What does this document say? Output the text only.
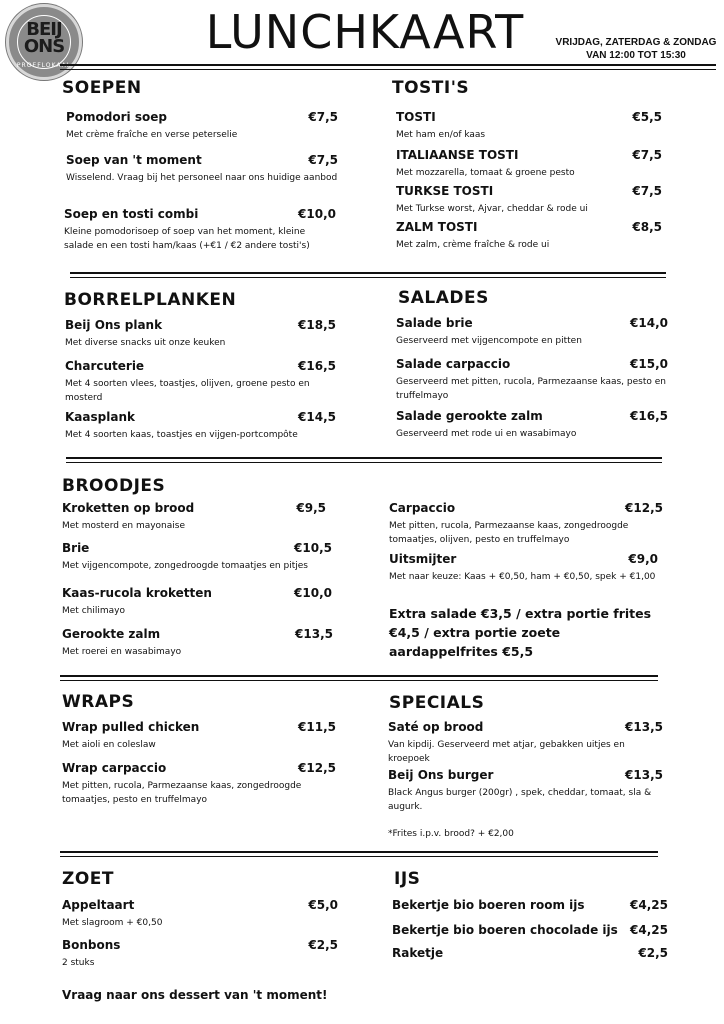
BEIJ
ONS
PROEFLOKAAL
LUNCHKAART	VRIJDAG, ZATERDAG & ZONDAG
VAN 12:00 TOT 15:30
SOEPEN
Pomodori soep	€7,5
Met crème fraîche en verse peterselie
Soep van 't moment	€7,5
Wisselend. Vraag bij het personeel naar ons huidige aanbod
Soep en tosti combi	€10,0
Kleine pomodorisoep of soep van het moment, kleine salade en een tosti ham/kaas (+€1 / €2 andere tosti's)
TOSTI'S
TOSTI	€5,5
Met ham en/of kaas
ITALIAANSE TOSTI	€7,5
Met mozzarella, tomaat & groene pesto
TURKSE TOSTI	€7,5
Met Turkse worst, Ajvar, cheddar & rode ui
ZALM TOSTI	€8,5
Met zalm, crème fraîche & rode ui
BORRELPLANKEN
Beij Ons plank	€18,5
Met diverse snacks uit onze keuken
Charcuterie	€16,5
Met 4 soorten vlees, toastjes, olijven, groene pesto en mosterd
Kaasplank	€14,5
Met 4 soorten kaas, toastjes en vijgen-portcompôte
SALADES
Salade brie	€14,0
Geserveerd met vijgencompote en pitten
Salade carpaccio	€15,0
Geserveerd met pitten, rucola, Parmezaanse kaas, pesto en truffelmayo
Salade gerookte zalm	€16,5
Geserveerd met rode ui en wasabimayo
BROODJES
Kroketten op brood	€9,5
Met mosterd en mayonaise
Brie	€10,5
Met vijgencompote, zongedroogde tomaatjes en pitjes
Kaas-rucola kroketten	€10,0
Met chilimayo
Gerookte zalm	€13,5
Met roerei en wasabimayo
Carpaccio	€12,5
Met pitten, rucola, Parmezaanse kaas, zongedroogde tomaatjes, olijven, pesto en truffelmayo
Uitsmijter	€9,0
Met naar keuze: Kaas + €0,50, ham + €0,50, spek + €1,00
Extra salade €3,5 / extra portie frites €4,5 / extra portie zoete aardappelfrites €5,5
WRAPS
Wrap pulled chicken	€11,5
Met aioli en coleslaw
Wrap carpaccio	€12,5
Met pitten, rucola, Parmezaanse kaas, zongedroogde tomaatjes, pesto en truffelmayo
SPECIALS
Saté op brood	€13,5
Van kipdij. Geserveerd met atjar, gebakken uitjes en kroepoek
Beij Ons burger	€13,5
Black Angus burger (200gr) , spek, cheddar, tomaat, sla & augurk.
*Frites i.p.v. brood? + €2,00
ZOET
Appeltaart	€5,0
Met slagroom + €0,50
Bonbons	€2,5
2 stuks
Vraag naar ons dessert van 't moment!
IJS
Bekertje bio boeren room ijs	€4,25
Bekertje bio boeren chocolade ijs €4,25
Raketje	€2,5
